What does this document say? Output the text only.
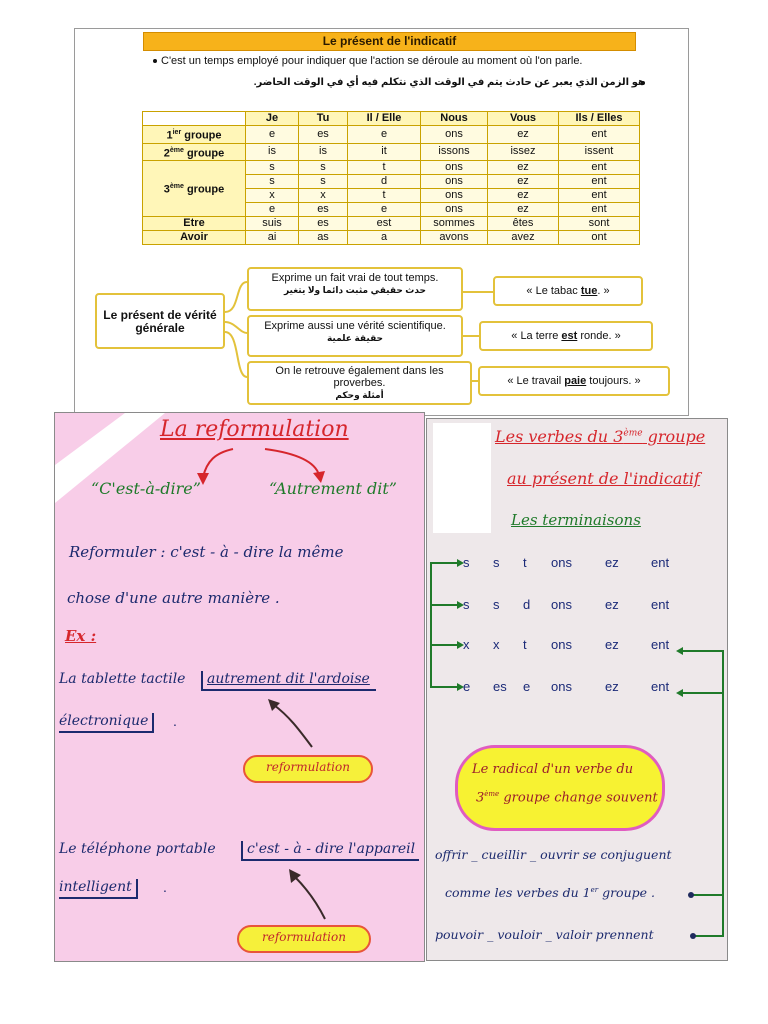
Le présent de l'indicatif
C'est un temps employé pour indiquer que l'action se déroule au moment où l'on parle.
هو الزمن الذي يعبر عن حادث يتم في الوقت الذي نتكلم فيه أي في الوقت الحاضر.
	Je	Tu	Il / Elle	Nous	Vous	Ils / Elles
$1^{ier}$ groupe	e	es	e	ons	ez	ent
2ème groupe	is	is	it	issons	issez	issent
3ème groupe	s	s	t	ons	ez	ent
	s	s	d	ons	ez	ent
	x	x	t	ons	ez	ent
	e	es	e	ons	ez	ent
Etre	suis	es	est	sommes	êtes	sont
Avoir	ai	as	a	avons	avez	ont
Le présent de vérité générale
Exprime un fait vrai de tout temps.
حدث حقيقي مثبت دائما ولا يتغير
Exprime aussi une vérité scientifique.
حقيقة علمية
On le retrouve également dans les proverbes.
أمثلة وحكم
« Le tabac tue. »
« La terre est ronde. »
« Le travail paie toujours. »
La reformulation
“C'est-à-dire”	“Autrement dit”
Reformuler : c'est - à - dire la même
chose d'une autre manière .
Ex :
La tablette tactile	autrement dit l'ardoise
électronique	.
reformulation
Le téléphone portable	c'est - à - dire l'appareil
intelligent	.
reformulation
Les verbes du 3ème groupe
au présent de l'indicatif
Les terminaisons
s s t ons	ez ent
s s d ons	ez ent
x x t ons	ez ent
e es e ons	ez ent
Le radical d'un verbe du
3ème groupe change souvent
offrir _ cueillir _ ouvrir se conjuguent
comme les verbes du 1er groupe .
pouvoir _ vouloir _ valoir prennent
